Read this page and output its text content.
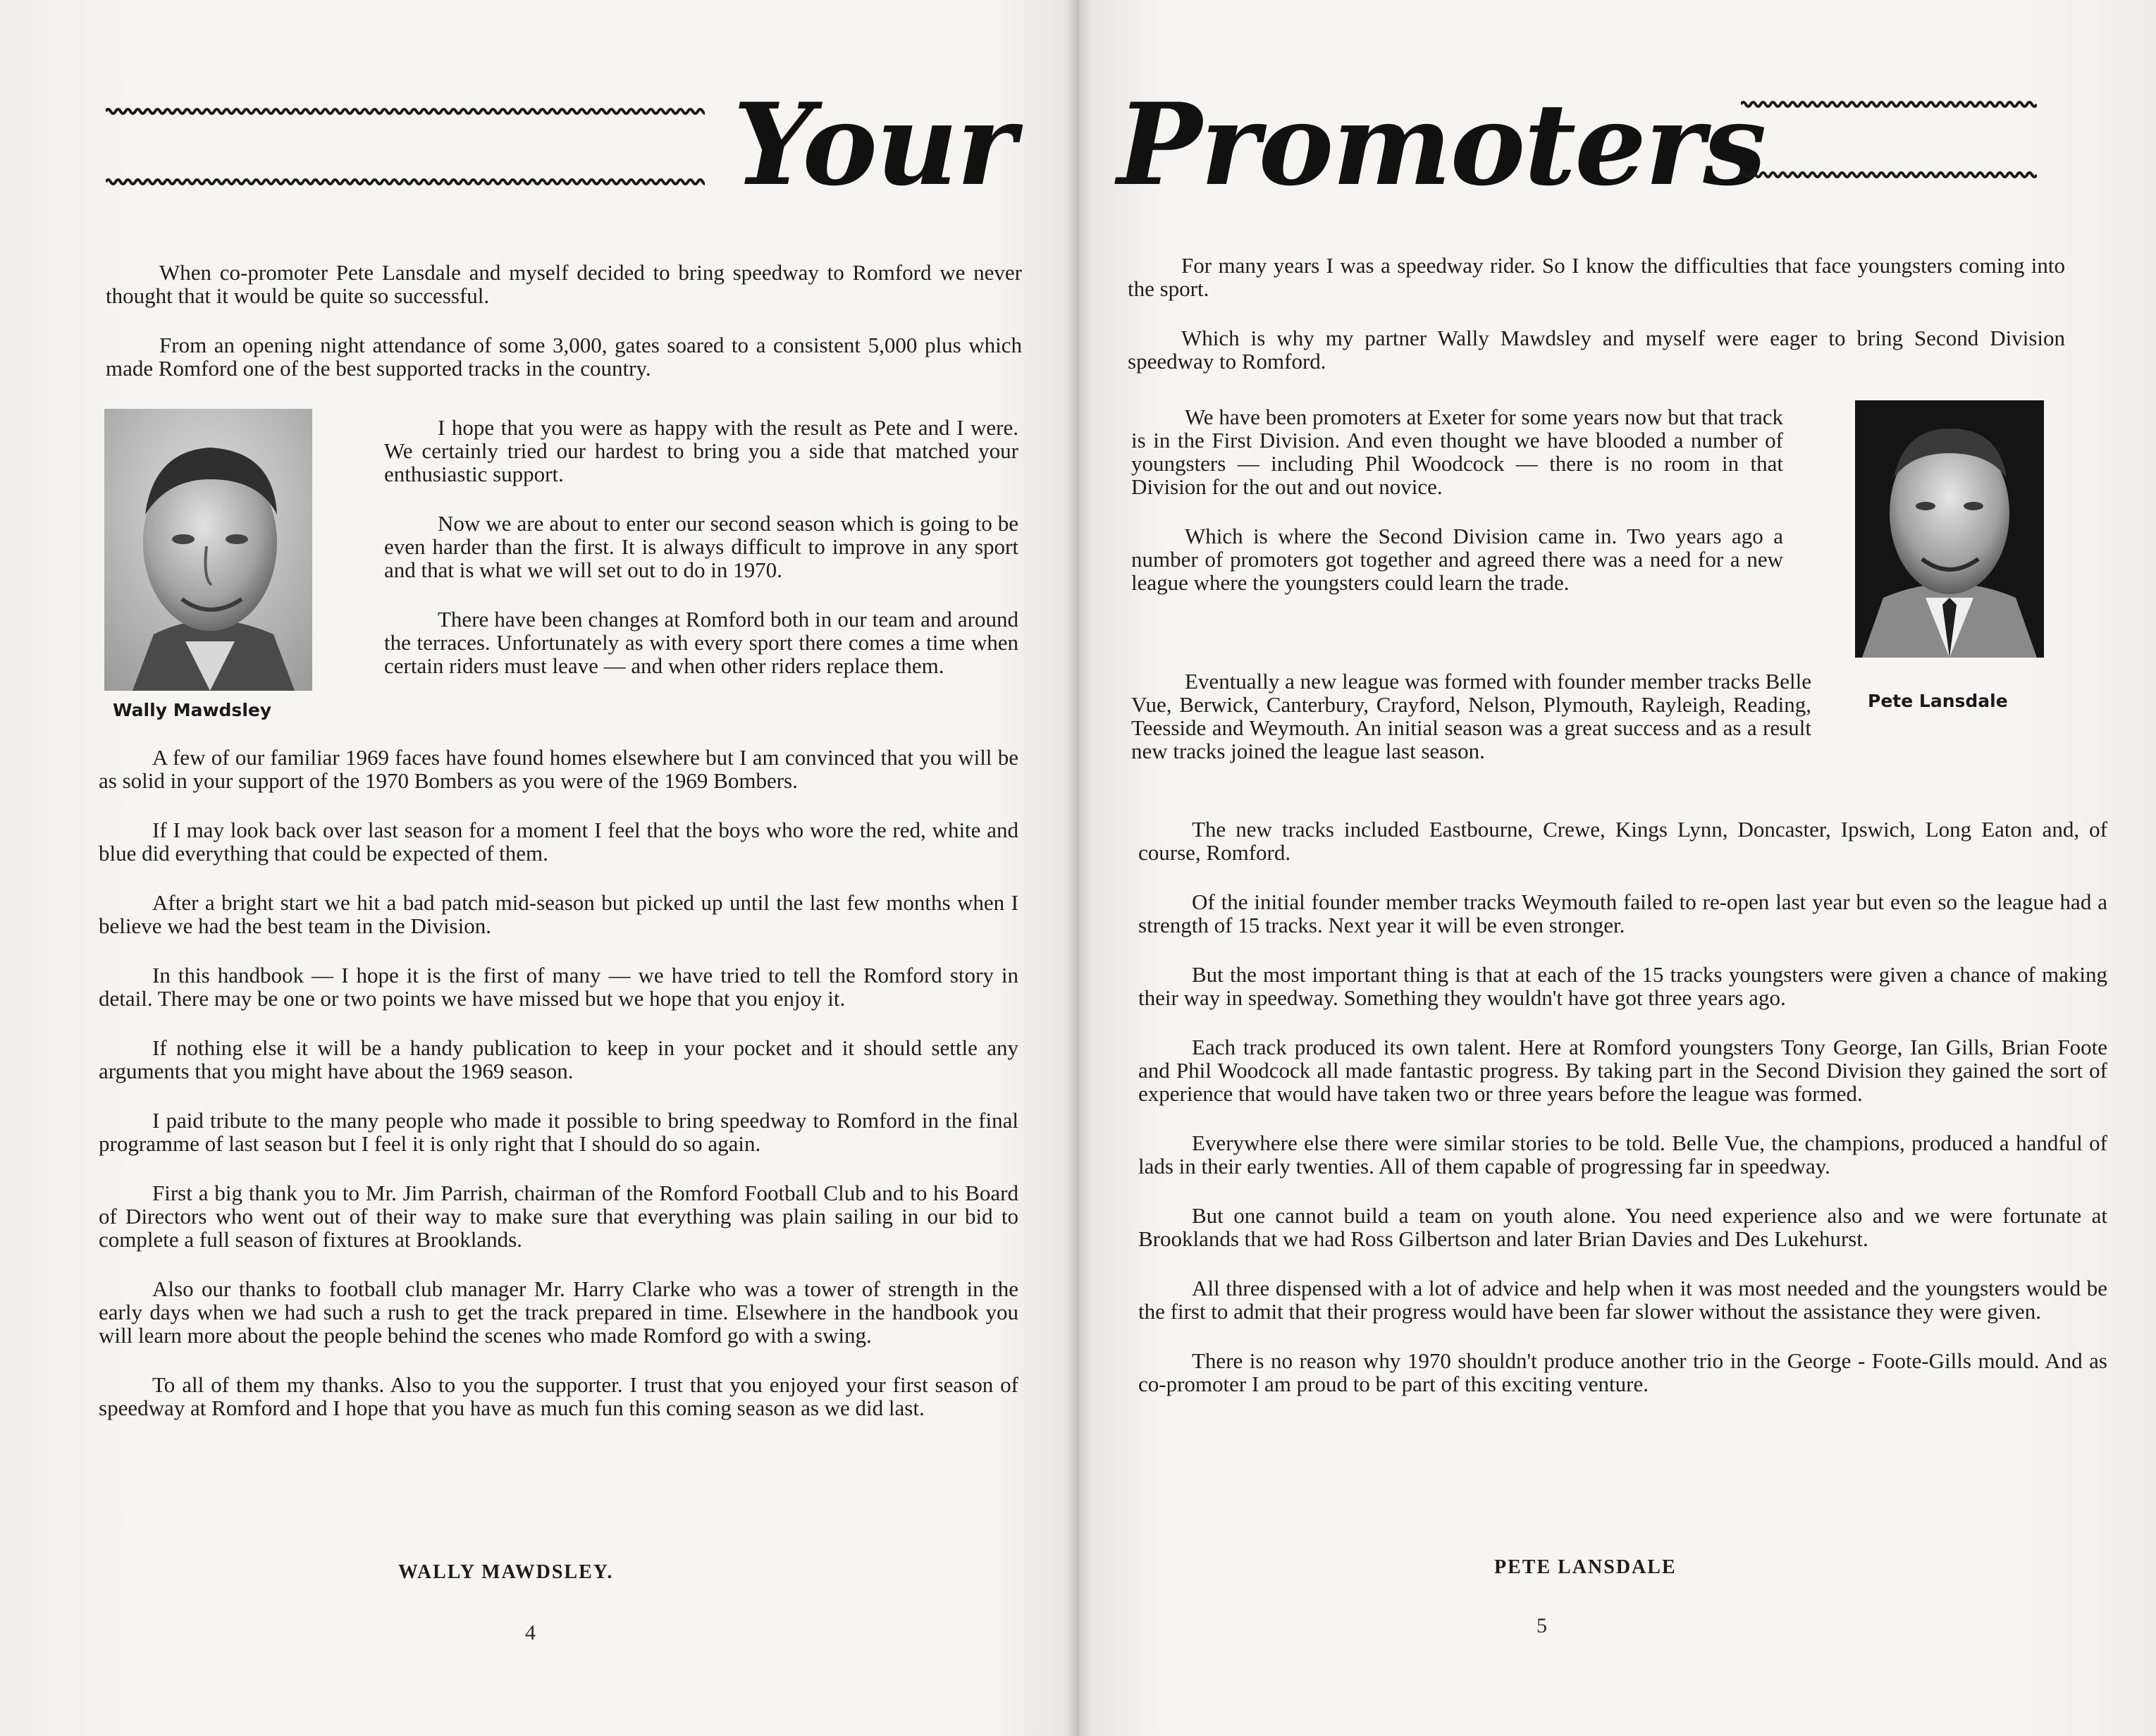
Your

When co-promoter Pete Lansdale and myself decided to bring speedway to Romford we never thought that it would be quite so successful.

From an opening night attendance of some 3,000, gates soared to a consistent 5,000 plus which made Romford one of the best supported tracks in the country.

Wally Mawdsley

I hope that you were as happy with the result as Pete and I were. We certainly tried our hardest to bring you a side that matched your enthusiastic support.

Now we are about to enter our second season which is going to be even harder than the first. It is always difficult to improve in any sport and that is what we will set out to do in 1970.

There have been changes at Romford both in our team and around the terraces. Unfortunately as with every sport there comes a time when certain riders must leave — and when other riders replace them.

A few of our familiar 1969 faces have found homes elsewhere but I am convinced that you will be as solid in your support of the 1970 Bombers as you were of the 1969 Bombers.

If I may look back over last season for a moment I feel that the boys who wore the red, white and blue did everything that could be expected of them.

After a bright start we hit a bad patch mid-season but picked up until the last few months when I believe we had the best team in the Division.

In this handbook — I hope it is the first of many — we have tried to tell the Romford story in detail. There may be one or two points we have missed but we hope that you enjoy it.

If nothing else it will be a handy publication to keep in your pocket and it should settle any arguments that you might have about the 1969 season.

I paid tribute to the many people who made it possible to bring speedway to Romford in the final programme of last season but I feel it is only right that I should do so again.

First a big thank you to Mr. Jim Parrish, chairman of the Romford Football Club and to his Board of Directors who went out of their way to make sure that everything was plain sailing in our bid to complete a full season of fixtures at Brooklands.

Also our thanks to football club manager Mr. Harry Clarke who was a tower of strength in the early days when we had such a rush to get the track prepared in time. Elsewhere in the handbook you will learn more about the people behind the scenes who made Romford go with a swing.

To all of them my thanks. Also to you the supporter. I trust that you enjoyed your first season of speedway at Romford and I hope that you have as much fun this coming season as we did last.

WALLY MAWDSLEY.
4
Promoters

For many years I was a speedway rider. So I know the difficulties that face youngsters coming into the sport.

Which is why my partner Wally Mawdsley and myself were eager to bring Second Division speedway to Romford.

We have been promoters at Exeter for some years now but that track is in the First Division. And even thought we have blooded a number of youngsters — including Phil Woodcock — there is no room in that Division for the out and out novice.

Which is where the Second Division came in. Two years ago a number of promoters got together and agreed there was a need for a new league where the youngsters could learn the trade.

Pete Lansdale

Eventually a new league was formed with founder member tracks Belle Vue, Berwick, Canterbury, Crayford, Nelson, Plymouth, Rayleigh, Reading, Teesside and Weymouth. An initial season was a great success and as a result new tracks joined the league last season.

The new tracks included Eastbourne, Crewe, Kings Lynn, Doncaster, Ipswich, Long Eaton and, of course, Romford.

Of the initial founder member tracks Weymouth failed to re-open last year but even so the league had a strength of 15 tracks. Next year it will be even stronger.

But the most important thing is that at each of the 15 tracks youngsters were given a chance of making their way in speedway. Something they wouldn't have got three years ago.

Each track produced its own talent. Here at Romford youngsters Tony George, Ian Gills, Brian Foote and Phil Woodcock all made fantastic progress. By taking part in the Second Division they gained the sort of experience that would have taken two or three years before the league was formed.

Everywhere else there were similar stories to be told. Belle Vue, the champions, produced a handful of lads in their early twenties. All of them capable of progressing far in speedway.

But one cannot build a team on youth alone. You need experience also and we were fortunate at Brooklands that we had Ross Gilbertson and later Brian Davies and Des Lukehurst.

All three dispensed with a lot of advice and help when it was most needed and the youngsters would be the first to admit that their progress would have been far slower without the assistance they were given.

There is no reason why 1970 shouldn't produce another trio in the George - Foote-Gills mould. And as co-promoter I am proud to be part of this exciting venture.

PETE LANSDALE
5
